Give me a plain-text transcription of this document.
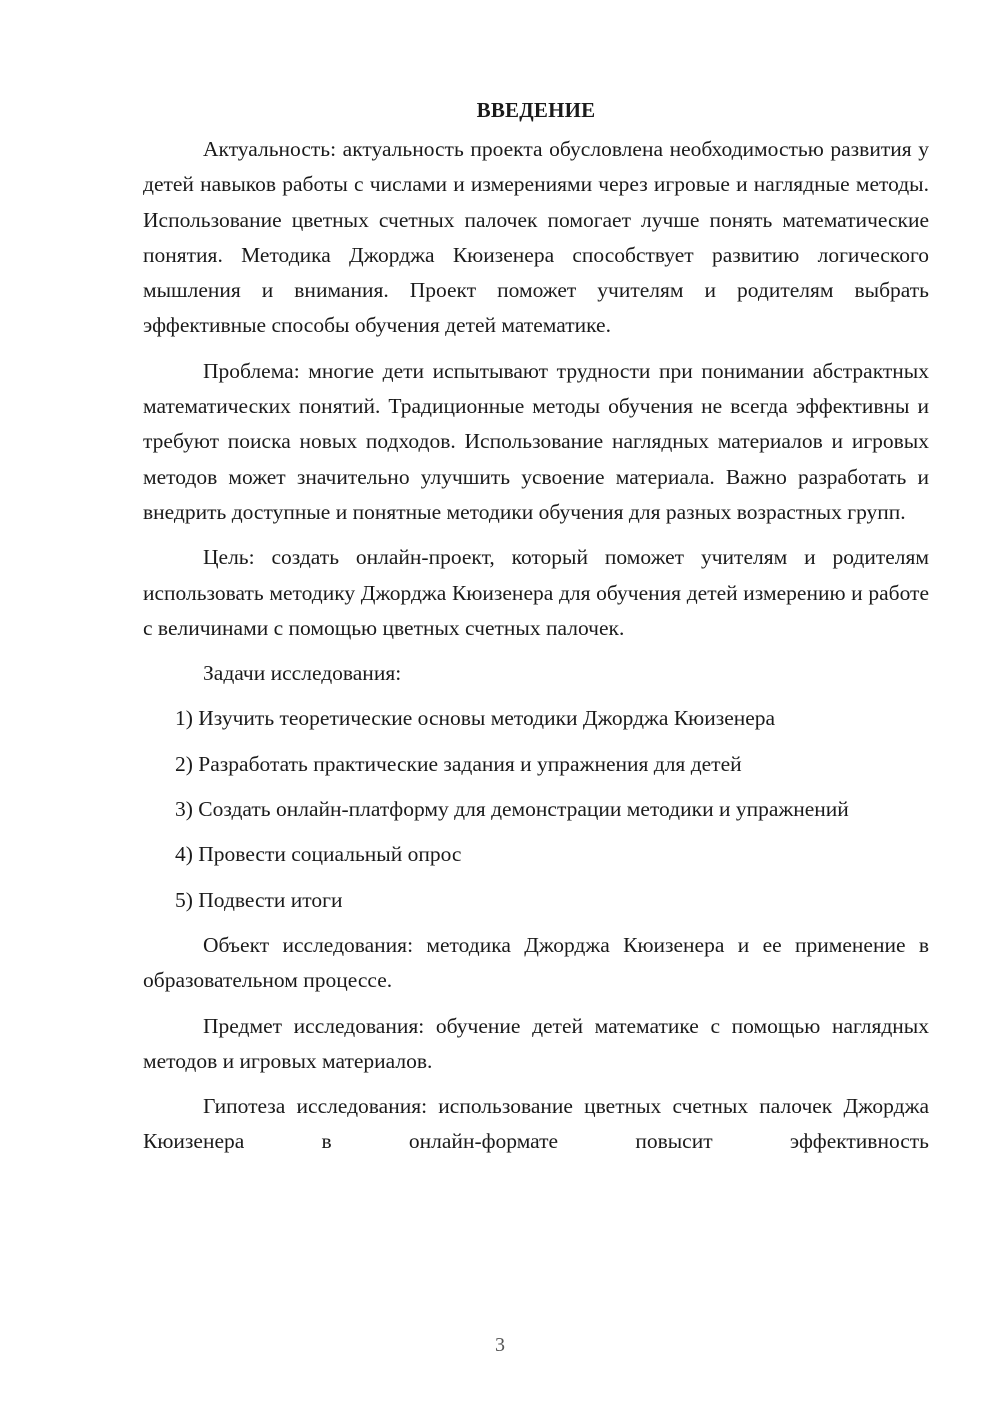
ВВЕДЕНИЕ

Актуальность: актуальность проекта обусловлена необходимостью развития у детей навыков работы с числами и измерениями через игровые и наглядные методы. Использование цветных счетных палочек помогает лучше понять математические понятия. Методика Джорджа Кюизенера способствует развитию логического мышления и внимания. Проект поможет учителям и родителям выбрать эффективные способы обучения детей математике.

Проблема: многие дети испытывают трудности при понимании абстрактных математических понятий. Традиционные методы обучения не всегда эффективны и требуют поиска новых подходов. Использование наглядных материалов и игровых методов может значительно улучшить усвоение материала. Важно разработать и внедрить доступные и понятные методики обучения для разных возрастных групп.

Цель: создать онлайн-проект, который поможет учителям и родителям использовать методику Джорджа Кюизенера для обучения детей измерению и работе с величинами с помощью цветных счетных палочек.

Задачи исследования:

1) Изучить теоретические основы методики Джорджа Кюизенера

2) Разработать практические задания и упражнения для детей

3) Создать онлайн-платформу для демонстрации методики и упражнений

4) Провести социальный опрос

5) Подвести итоги

Объект исследования: методика Джорджа Кюизенера и ее применение в образовательном процессе.

Предмет исследования: обучение детей математике с помощью наглядных методов и игровых материалов.

Гипотеза исследования: использование цветных счетных палочек Джорджа Кюизенера в онлайн-формате повысит эффективность

3
